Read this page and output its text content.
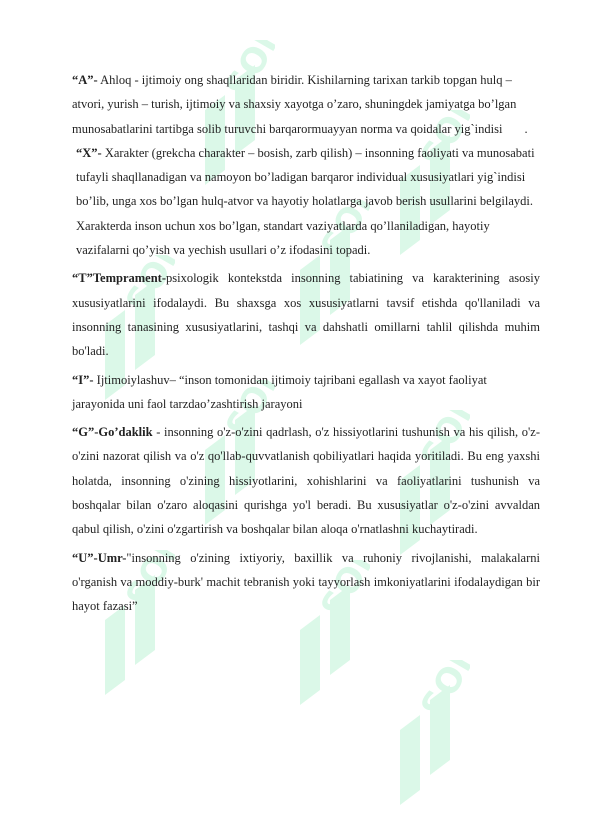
SOF
SOF
SOF
SOF
SOF	SOF
SOF	SOF
SOF

“A”- Ahloq - ijtimoiy ong shaqllaridan biridir. Kishilarning tarixan tarkib topgan hulq – atvori, yurish – turish, ijtimoiy va shaxsiy xayotga o’zaro, shuningdek jamiyatga bo’lgan munosabatlarini tartibga solib turuvchi barqarormuayyan norma va qoidalar yig`indisi .

“X”- Xarakter (grekcha charakter – bosish, zarb qilish) – insonning faoliyati va munosabati tufayli shaqllanadigan va namoyon bo’ladigan barqaror individual xususiyatlari yig`indisi bo’lib, unga xos bo’lgan hulq-atvor va hayotiy holatlarga javob berish usullarini belgilaydi. Xarakterda inson uchun xos bo’lgan, standart vaziyatlarda qo’llaniladigan, hayotiy vazifalarni qo’yish va yechish usullari o’z ifodasini topadi.

“T”Temprament-psixologik kontekstda insonning tabiatining va karakterining asosiy xususiyatlarini ifodalaydi. Bu shaxsga xos xususiyatlarni tavsif etishda qo'llaniladi va insonning tanasining xususiyatlarini, tashqi va dahshatli omillarni tahlil qilishda muhim bo'ladi.

“I”- Ijtimoiylashuv– “inson tomonidan ijtimoiy tajribani egallash va xayot faoliyat jarayonida uni faol tarzdao’zashtirish jarayoni

“G”-Go’daklik - insonning o'z-o'zini qadrlash, o'z hissiyotlarini tushunish va his qilish, o'z-o'zini nazorat qilish va o'z qo'llab-quvvatlanish qobiliyatlari haqida yoritiladi. Bu eng yaxshi holatda, insonning o'zining hissiyotlarini, xohishlarini va faoliyatlarini tushunish va boshqalar bilan o'zaro aloqasini qurishga yo'l beradi. Bu xususiyatlar o'z-o'zini avvaldan qabul qilish, o'zini o'zgartirish va boshqalar bilan aloqa o'rnatlashni kuchaytiradi.

“U”-Umr-"insonning o'zining ixtiyoriy, baxillik va ruhoniy rivojlanishi, malakalarni o'rganish va moddiy-burk' machit tebranish yoki tayyorlash imkoniyatlarini ifodalaydigan bir hayot fazasi”
